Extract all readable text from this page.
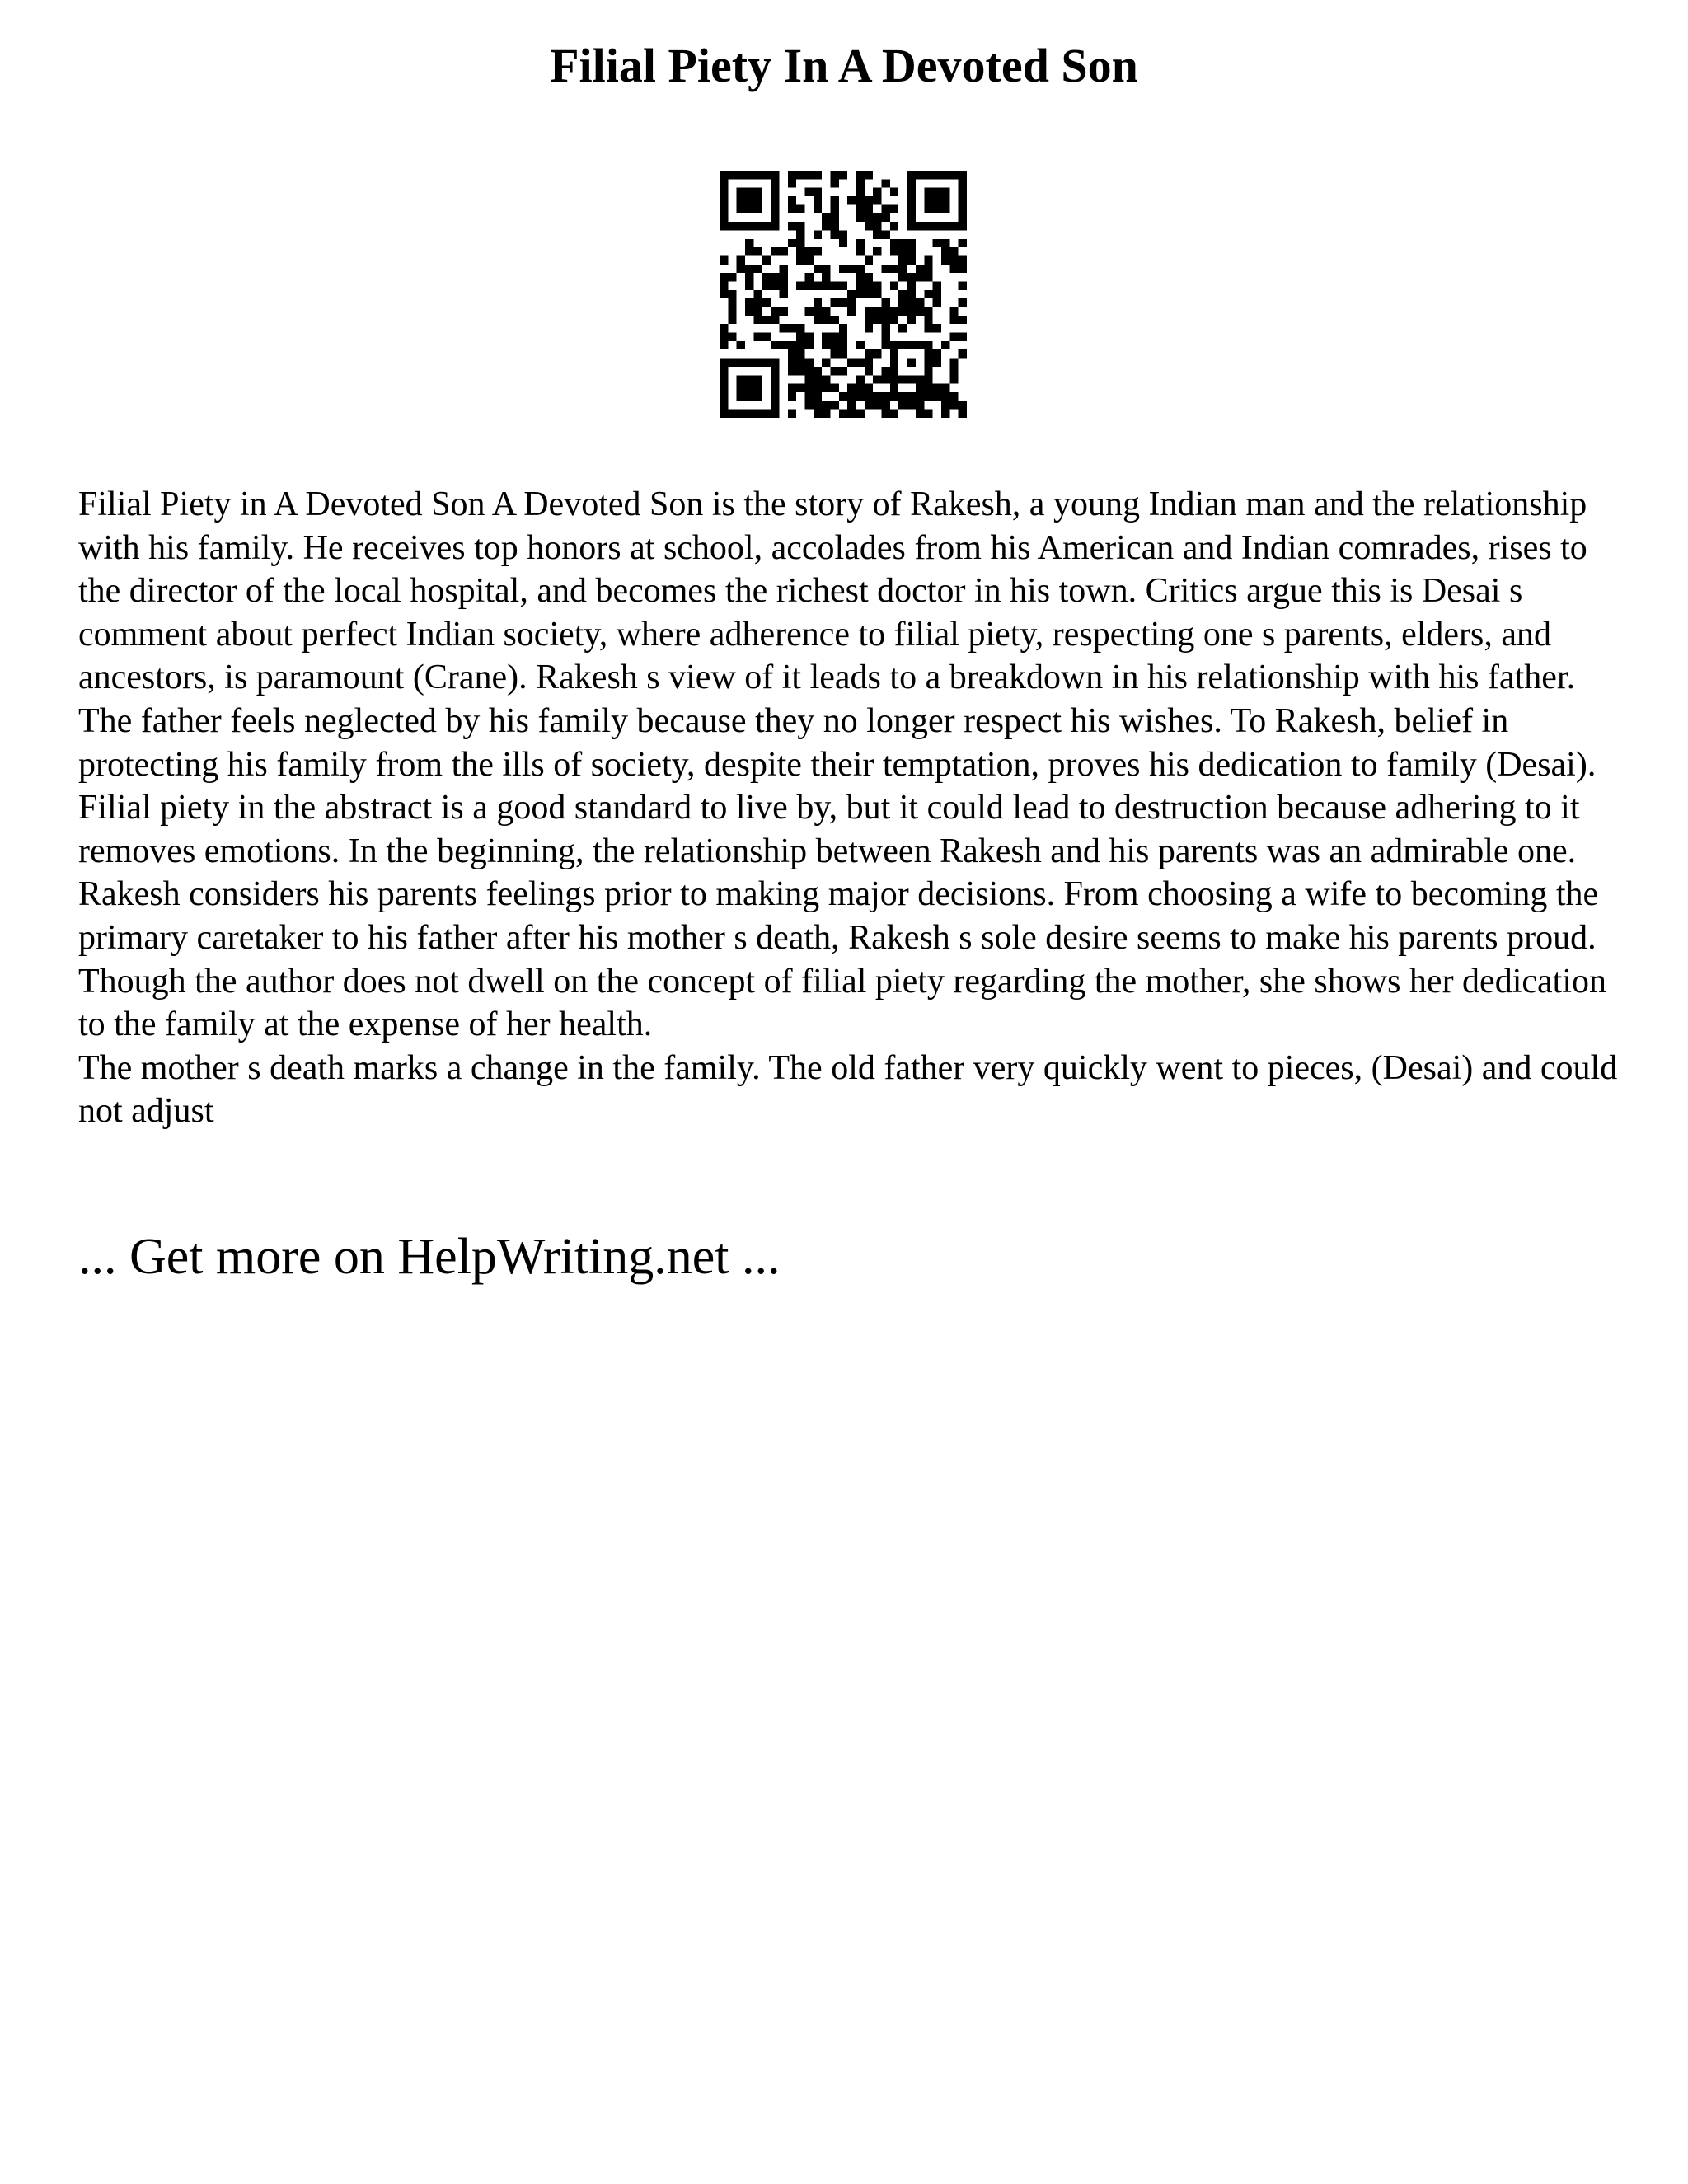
Filial Piety In A Devoted Son

Filial Piety in A Devoted Son A Devoted Son is the story of Rakesh, a young Indian man and the relationship with his family. He receives top honors at school, accolades from his American and Indian comrades, rises to the director of the local hospital, and becomes the richest doctor in his town. Critics argue this is Desai s comment about perfect Indian society, where adherence to filial piety, respecting one s parents, elders, and ancestors, is paramount (Crane). Rakesh s view of it leads to a breakdown in his relationship with his father. The father feels neglected by his family because they no longer respect his wishes. To Rakesh, belief in protecting his family from the ills of society, despite their temptation, proves his dedication to family (Desai). Filial piety in the abstract is a good standard to live by, but it could lead to destruction because adhering to it removes emotions. In the beginning, the relationship between Rakesh and his parents was an admirable one. Rakesh considers his parents feelings prior to making major decisions. From choosing a wife to becoming the primary caretaker to his father after his mother s death, Rakesh s sole desire seems to make his parents proud. Though the author does not dwell on the concept of filial piety regarding the mother, she shows her dedication to the family at the expense of her health.

The mother s death marks a change in the family. The old father very quickly went to pieces, (Desai) and could not adjust

... Get more on HelpWriting.net ...
